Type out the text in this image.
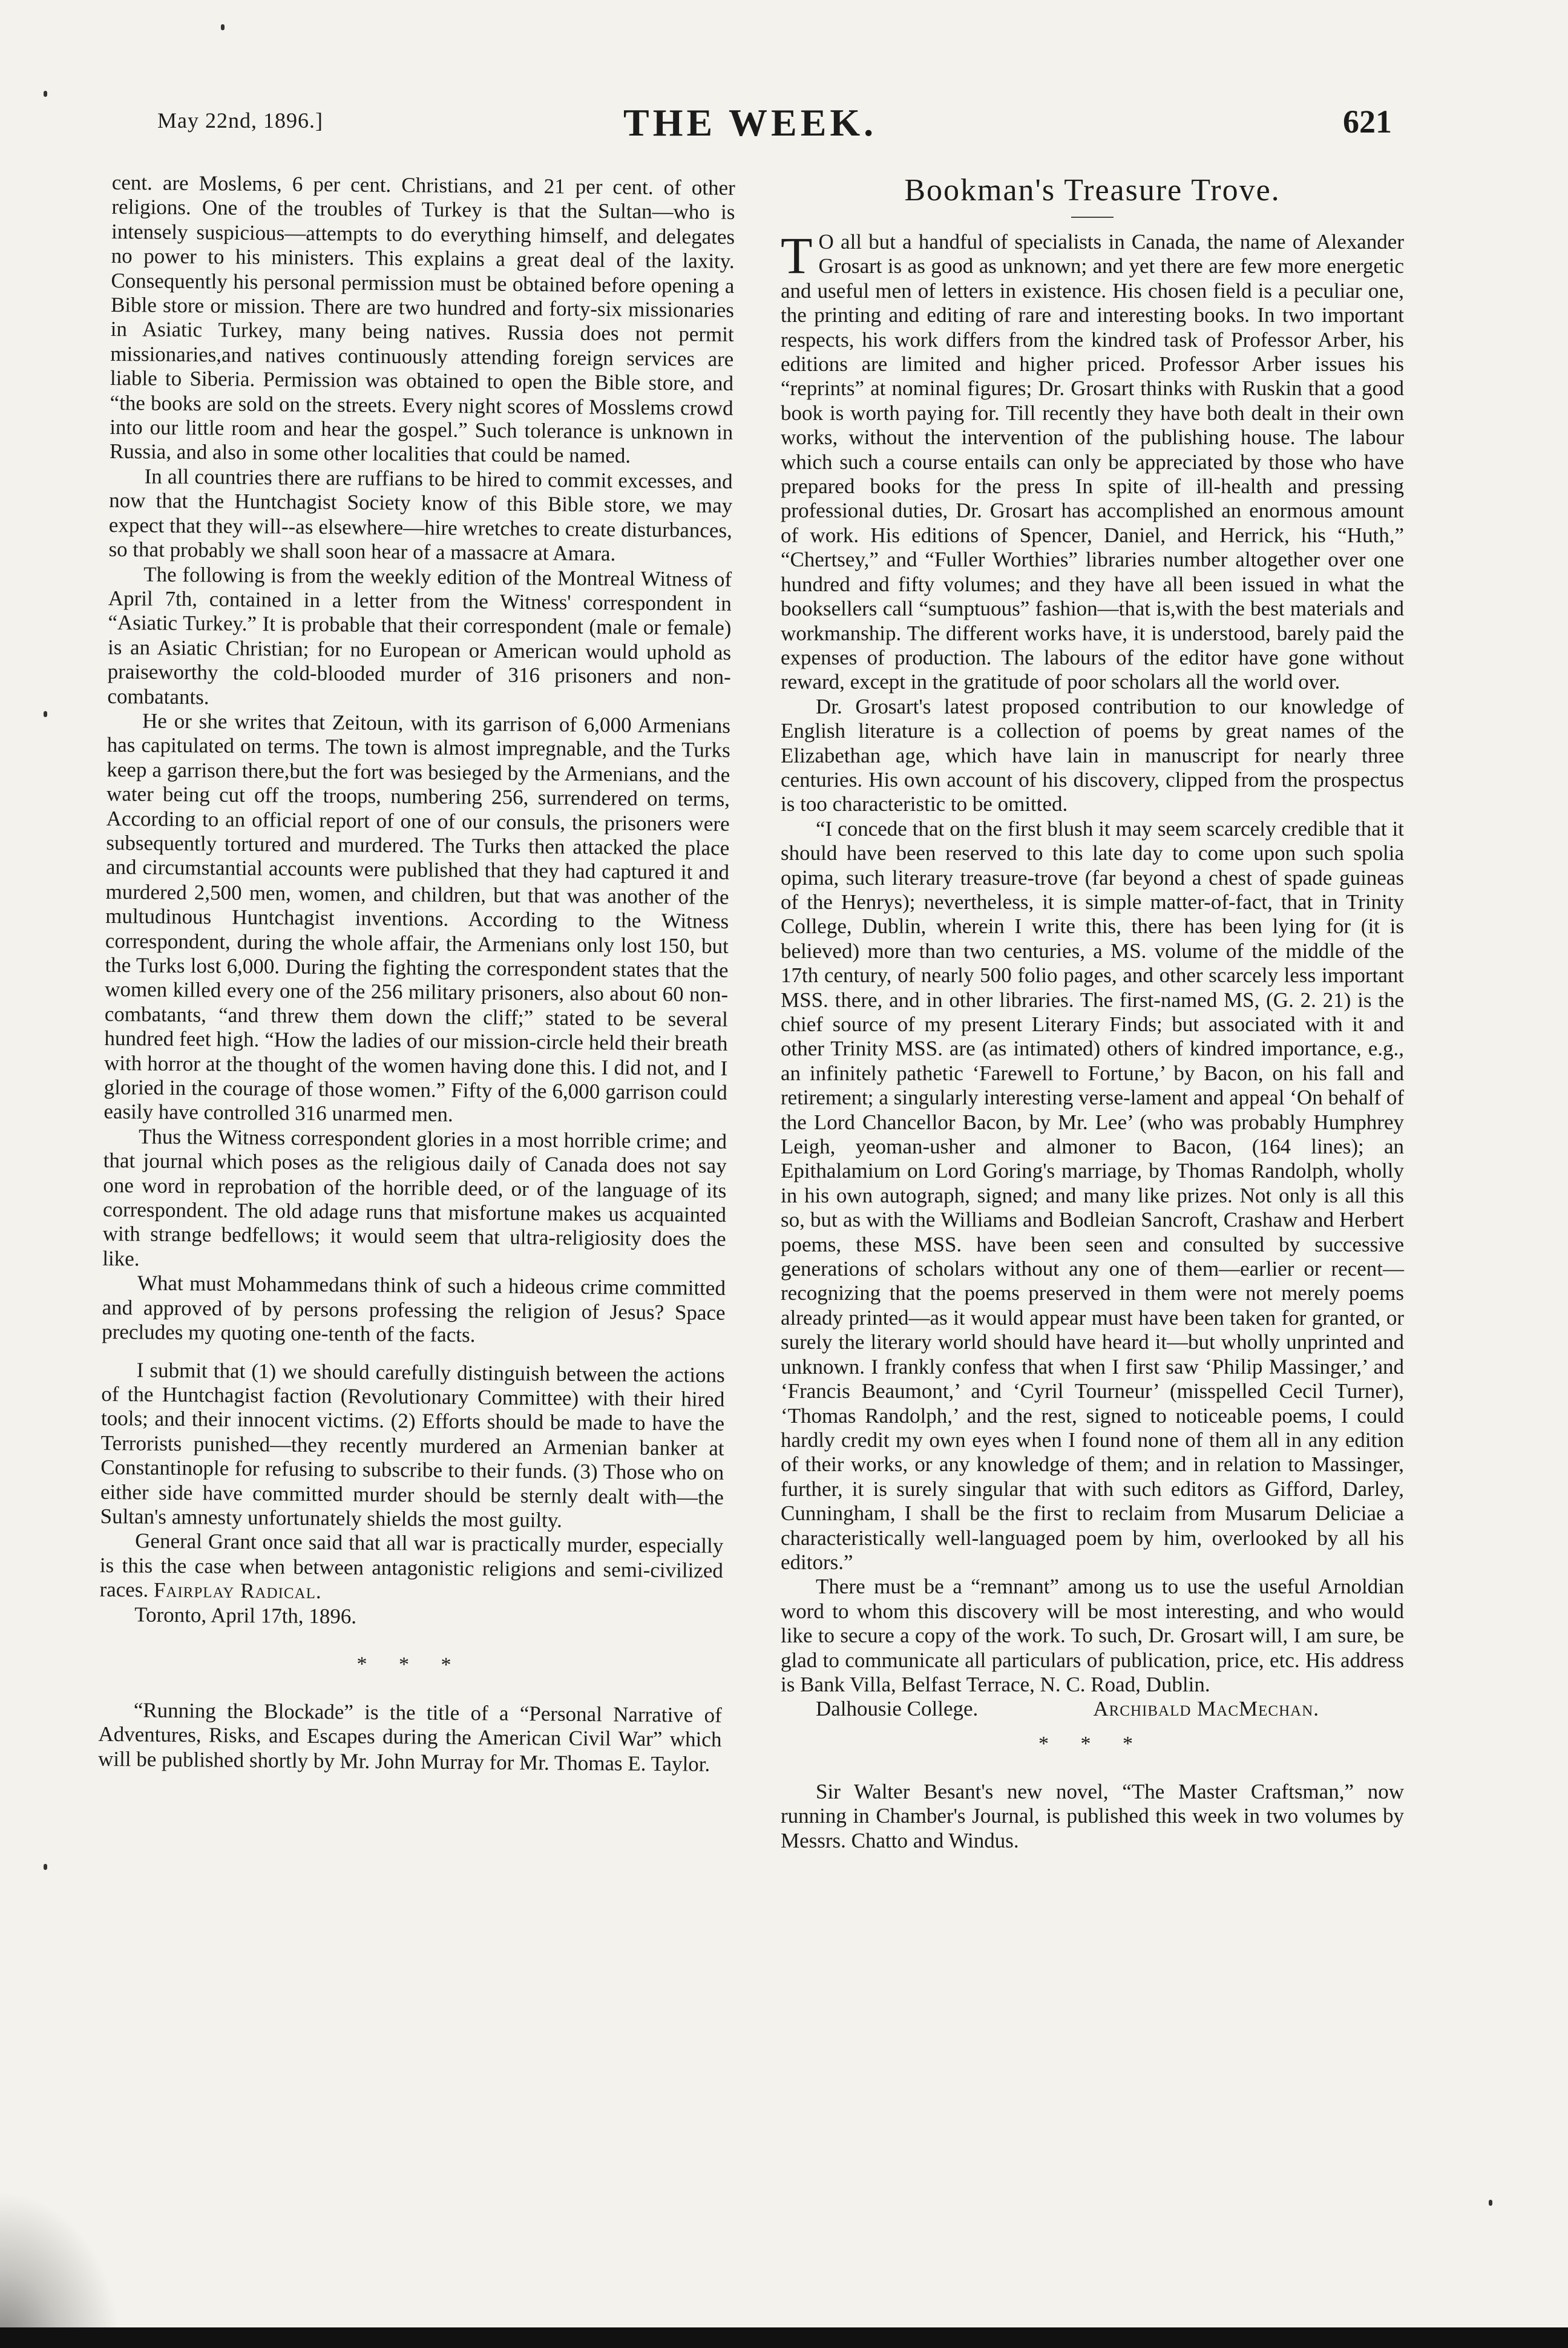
May 22nd, 1896.]	THE WEEK.	621

cent. are Moslems, 6 per cent. Christians, and 21 per cent. of other religions. One of the troubles of Turkey is that the Sultan—who is intensely suspicious—attempts to do everything himself, and delegates no power to his ministers. This explains a great deal of the laxity. Consequently his personal permission must be obtained before opening a Bible store or mission. There are two hundred and forty-six missionaries in Asiatic Turkey, many being natives. Russia does not permit missionaries,and natives continuously attending foreign services are liable to Siberia. Permission was obtained to open the Bible store, and “the books are sold on the streets. Every night scores of Mosslems crowd into our little room and hear the gospel.” Such tolerance is unknown in Russia, and also in some other localities that could be named.

In all countries there are ruffians to be hired to commit excesses, and now that the Huntchagist Society know of this Bible store, we may expect that they will--as elsewhere—hire wretches to create disturbances, so that probably we shall soon hear of a massacre at Amara.

The following is from the weekly edition of the Montreal Witness of April 7th, contained in a letter from the Witness' correspondent in “Asiatic Turkey.” It is probable that their correspondent (male or female) is an Asiatic Christian; for no European or American would uphold as praiseworthy the cold-blooded murder of 316 prisoners and non-combatants.

He or she writes that Zeitoun, with its garrison of 6,000 Armenians has capitulated on terms. The town is almost impregnable, and the Turks keep a garrison there,but the fort was besieged by the Armenians, and the water being cut off the troops, numbering 256, surrendered on terms, According to an official report of one of our consuls, the prisoners were subsequently tortured and murdered. The Turks then attacked the place and circumstantial accounts were published that they had captured it and murdered 2,500 men, women, and children, but that was another of the multudinous Huntchagist inventions. According to the Witness correspondent, during the whole affair, the Armenians only lost 150, but the Turks lost 6,000. During the fighting the correspondent states that the women killed every one of the 256 military prisoners, also about 60 non-combatants, “and threw them down the cliff;” stated to be several hundred feet high. “How the ladies of our mission-circle held their breath with horror at the thought of the women having done this. I did not, and I gloried in the courage of those women.” Fifty of the 6,000 garrison could easily have controlled 316 unarmed men.

Thus the Witness correspondent glories in a most horrible crime; and that journal which poses as the religious daily of Canada does not say one word in reprobation of the horrible deed, or of the language of its correspondent. The old adage runs that misfortune makes us acquainted with strange bedfellows; it would seem that ultra-religiosity does the like.

What must Mohammedans think of such a hideous crime committed and approved of by persons professing the religion of Jesus? Space precludes my quoting one-tenth of the facts.

I submit that (1) we should carefully distinguish between the actions of the Huntchagist faction (Revolutionary Committee) with their hired tools; and their innocent victims. (2) Efforts should be made to have the Terrorists punished—they recently murdered an Armenian banker at Constantinople for refusing to subscribe to their funds. (3) Those who on either side have committed murder should be sternly dealt with—the Sultan's amnesty unfortunately shields the most guilty.

General Grant once said that all war is practically murder, especially is this the case when between antagonistic religions and semi-civilized races. Fairplay Radical.

Toronto, April 17th, 1896.

* * *

“Running the Blockade” is the title of a “Personal Narrative of Adventures, Risks, and Escapes during the American Civil War” which will be published shortly by Mr. John Murray for Mr. Thomas E. Taylor.

Bookman's Treasure Trove.

T O all but a handful of specialists in Canada, the name of Alexander Grosart is as good as unknown; and yet there are few more energetic and useful men of letters in existence. His chosen field is a peculiar one, the printing and editing of rare and interesting books. In two important respects, his work differs from the kindred task of Professor Arber, his editions are limited and higher priced. Professor Arber issues his “reprints” at nominal figures; Dr. Grosart thinks with Ruskin that a good book is worth paying for. Till recently they have both dealt in their own works, without the intervention of the publishing house. The labour which such a course entails can only be appreciated by those who have prepared books for the press In spite of ill-health and pressing professional duties, Dr. Grosart has accomplished an enormous amount of work. His editions of Spencer, Daniel, and Herrick, his “Huth,” “Chertsey,” and “Fuller Worthies” libraries number altogether over one hundred and fifty volumes; and they have all been issued in what the booksellers call “sumptuous” fashion—that is,with the best materials and workmanship. The different works have, it is understood, barely paid the expenses of production. The labours of the editor have gone without reward, except in the gratitude of poor scholars all the world over.

Dr. Grosart's latest proposed contribution to our knowledge of English literature is a collection of poems by great names of the Elizabethan age, which have lain in manuscript for nearly three centuries. His own account of his discovery, clipped from the prospectus is too characteristic to be omitted.

“I concede that on the first blush it may seem scarcely credible that it should have been reserved to this late day to come upon such spolia opima, such literary treasure-trove (far beyond a chest of spade guineas of the Henrys); nevertheless, it is simple matter-of-fact, that in Trinity College, Dublin, wherein I write this, there has been lying for (it is believed) more than two centuries, a MS. volume of the middle of the 17th century, of nearly 500 folio pages, and other scarcely less important MSS. there, and in other libraries. The first-named MS, (G. 2. 21) is the chief source of my present Literary Finds; but associated with it and other Trinity MSS. are (as intimated) others of kindred importance, e.g., an infinitely pathetic ‘Farewell to Fortune,’ by Bacon, on his fall and retirement; a singularly interesting verse-lament and appeal ‘On behalf of the Lord Chancellor Bacon, by Mr. Lee’ (who was probably Humphrey Leigh, yeoman-usher and almoner to Bacon, (164 lines); an Epithalamium on Lord Goring's marriage, by Thomas Randolph, wholly in his own autograph, signed; and many like prizes. Not only is all this so, but as with the Williams and Bodleian Sancroft, Crashaw and Herbert poems, these MSS. have been seen and consulted by successive generations of scholars without any one of them—earlier or recent—recognizing that the poems preserved in them were not merely poems already printed—as it would appear must have been taken for granted, or surely the literary world should have heard it—but wholly unprinted and unknown. I frankly confess that when I first saw ‘Philip Massinger,’ and ‘Francis Beaumont,’ and ‘Cyril Tourneur’ (misspelled Cecil Turner), ‘Thomas Randolph,’ and the rest, signed to noticeable poems, I could hardly credit my own eyes when I found none of them all in any edition of their works, or any knowledge of them; and in relation to Massinger, further, it is surely singular that with such editors as Gifford, Darley, Cunningham, I shall be the first to reclaim from Musarum Deliciae a characteristically well-languaged poem by him, overlooked by all his editors.”

There must be a “remnant” among us to use the useful Arnoldian word to whom this discovery will be most interesting, and who would like to secure a copy of the work. To such, Dr. Grosart will, I am sure, be glad to communicate all particulars of publication, price, etc. His address is Bank Villa, Belfast Terrace, N. C. Road, Dublin.

Dalhousie College.	Archibald MacMechan.

* * *

Sir Walter Besant's new novel, “The Master Craftsman,” now running in Chamber's Journal, is published this week in two volumes by Messrs. Chatto and Windus.
